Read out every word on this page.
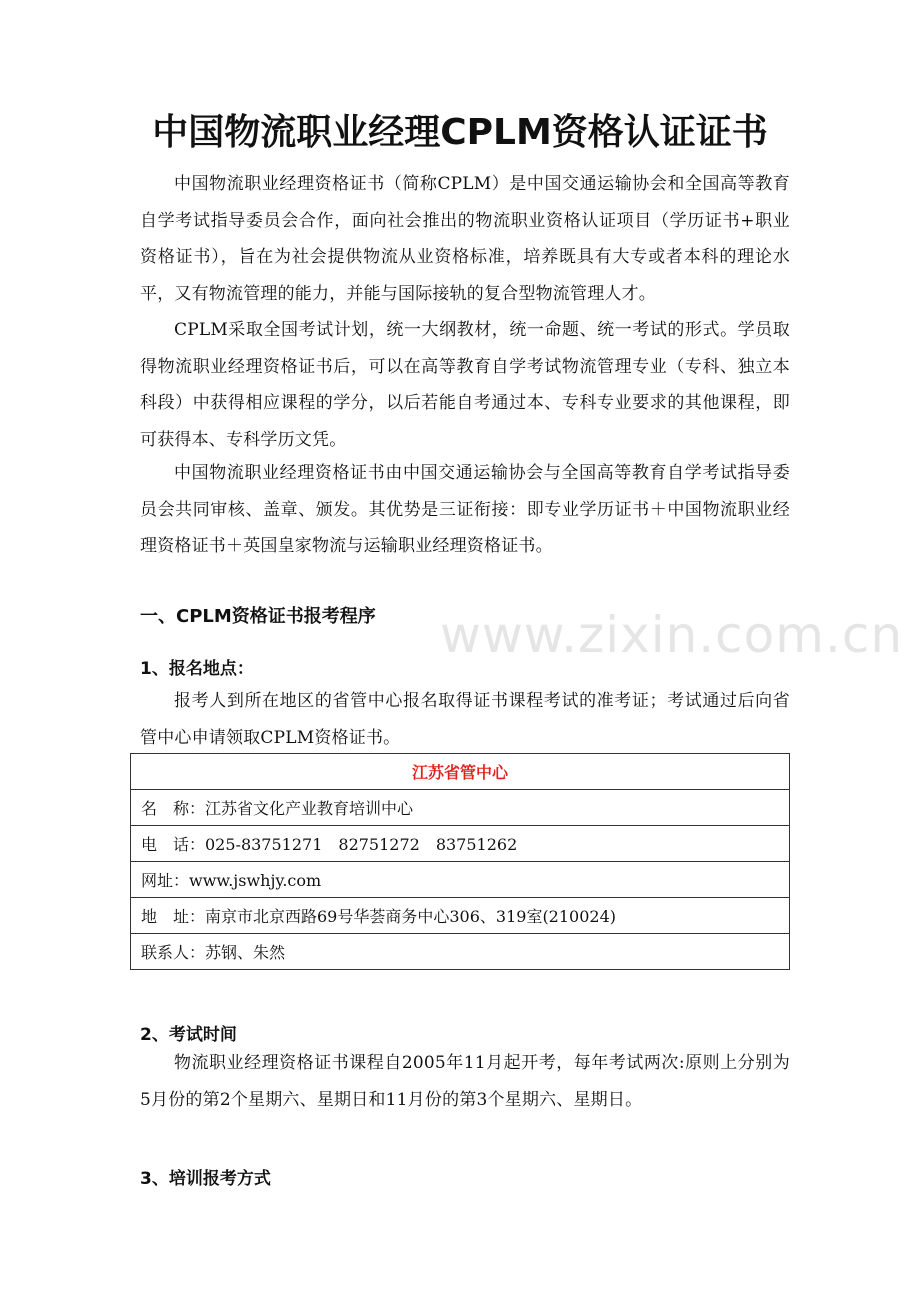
中国物流职业经理CPLM资格认证证书

中国物流职业经理资格证书（简称CPLM）是中国交通运输协会和全国高等教育自学考试指导委员会合作，面向社会推出的物流职业资格认证项目（学历证书+职业资格证书），旨在为社会提供物流从业资格标准，培养既具有大专或者本科的理论水平，又有物流管理的能力，并能与国际接轨的复合型物流管理人才。

CPLM采取全国考试计划，统一大纲教材，统一命题、统一考试的形式。学员取得物流职业经理资格证书后，可以在高等教育自学考试物流管理专业（专科、独立本科段）中获得相应课程的学分，以后若能自考通过本、专科专业要求的其他课程，即可获得本、专科学历文凭。

中国物流职业经理资格证书由中国交通运输协会与全国高等教育自学考试指导委员会共同审核、盖章、颁发。其优势是三证衔接：即专业学历证书＋中国物流职业经理资格证书＋英国皇家物流与运输职业经理资格证书。

www.zixin.com.cn
一、CPLM资格证书报考程序
1、报名地点：

报考人到所在地区的省管中心报名取得证书课程考试的准考证；考试通过后向省管中心申请领取CPLM资格证书。

江苏省管中心
名　称：江苏省文化产业教育培训中心
电　话：025-83751271　82751272　83751262
网址：www.jswhjy.com
地　址：南京市北京西路69号华荟商务中心306、319室(210024)
联系人：苏钢、朱然
2、考试时间

物流职业经理资格证书课程自2005年11月起开考，每年考试两次:原则上分别为5月份的第2个星期六、星期日和11月份的第3个星期六、星期日。

3、培训报考方式
